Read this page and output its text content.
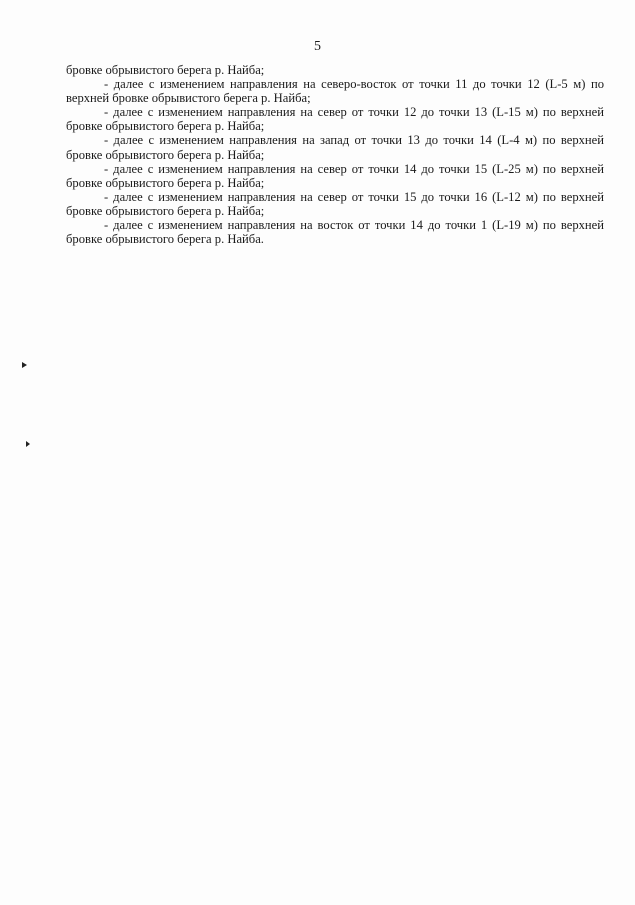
5

бровке обрывистого берега р. Найба;

- далее с изменением направления на северо-восток от точки 11 до точки 12 (L-5 м) по верхней бровке обрывистого берега р. Найба;

- далее с изменением направления на север от точки 12 до точки 13 (L-15 м) по верхней бровке обрывистого берега р. Найба;

- далее с изменением направления на запад от точки 13 до точки 14 (L-4 м) по верхней бровке обрывистого берега р. Найба;

- далее с изменением направления на север от точки 14 до точки 15 (L-25 м) по верхней бровке обрывистого берега р. Найба;

- далее с изменением направления на север от точки 15 до точки 16 (L-12 м) по верхней бровке обрывистого берега р. Найба;

- далее с изменением направления на восток от точки 14 до точки 1 (L-19 м) по верхней бровке обрывистого берега р. Найба.
